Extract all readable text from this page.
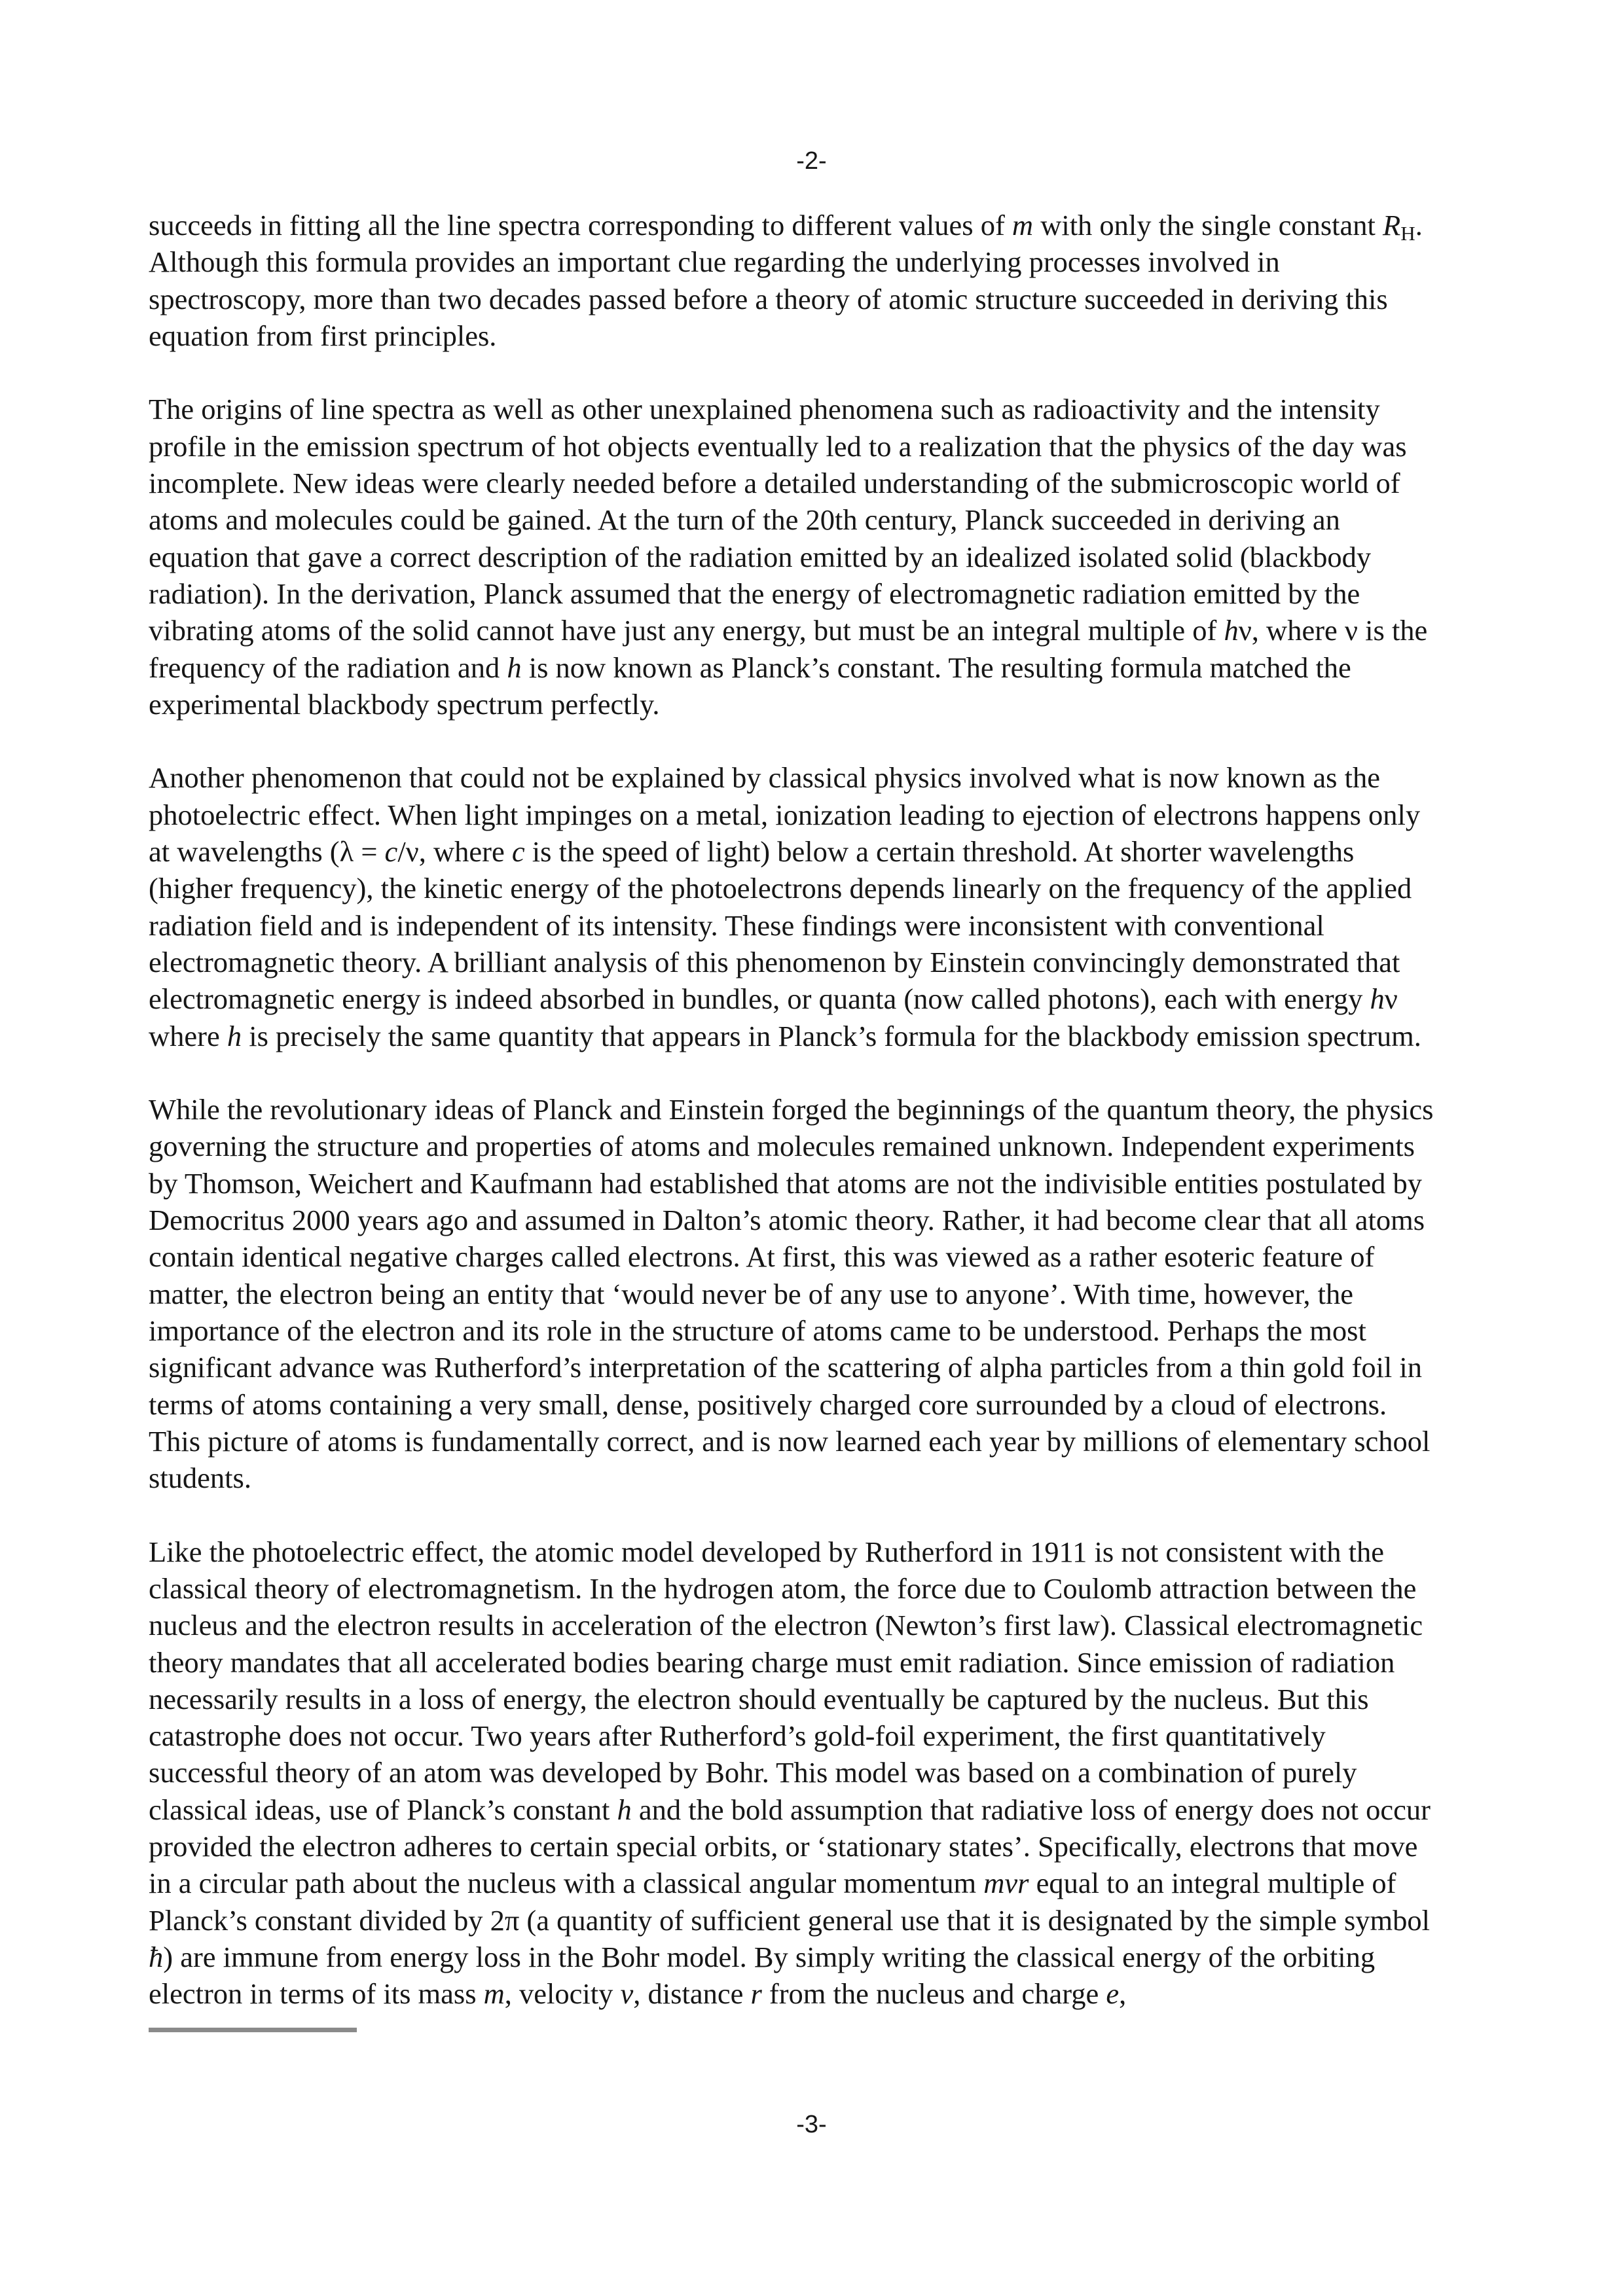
-2-
succeeds in fitting all the line spectra corresponding to different values of m with only the single constant $R_H$.
Although this formula provides an important clue regarding the underlying processes involved in
spectroscopy, more than two decades passed before a theory of atomic structure succeeded in deriving this
equation from first principles.
The origins of line spectra as well as other unexplained phenomena such as radioactivity and the intensity
profile in the emission spectrum of hot objects eventually led to a realization that the physics of the day was
incomplete. New ideas were clearly needed before a detailed understanding of the submicroscopic world of
atoms and molecules could be gained. At the turn of the 20th century, Planck succeeded in deriving an
equation that gave a correct description of the radiation emitted by an idealized isolated solid (blackbody
radiation). In the derivation, Planck assumed that the energy of electromagnetic radiation emitted by the
vibrating atoms of the solid cannot have just any energy, but must be an integral multiple of hν, where ν is the
frequency of the radiation and h is now known as Planck’s constant. The resulting formula matched the
experimental blackbody spectrum perfectly.
Another phenomenon that could not be explained by classical physics involved what is now known as the
photoelectric effect. When light impinges on a metal, ionization leading to ejection of electrons happens only
at wavelengths (λ = c/ν, where c is the speed of light) below a certain threshold. At shorter wavelengths
(higher frequency), the kinetic energy of the photoelectrons depends linearly on the frequency of the applied
radiation field and is independent of its intensity. These findings were inconsistent with conventional
electromagnetic theory. A brilliant analysis of this phenomenon by Einstein convincingly demonstrated that
electromagnetic energy is indeed absorbed in bundles, or quanta (now called photons), each with energy hν
where h is precisely the same quantity that appears in Planck’s formula for the blackbody emission spectrum.
While the revolutionary ideas of Planck and Einstein forged the beginnings of the quantum theory, the physics
governing the structure and properties of atoms and molecules remained unknown. Independent experiments
by Thomson, Weichert and Kaufmann had established that atoms are not the indivisible entities postulated by
Democritus 2000 years ago and assumed in Dalton’s atomic theory. Rather, it had become clear that all atoms
contain identical negative charges called electrons. At first, this was viewed as a rather esoteric feature of
matter, the electron being an entity that ‘would never be of any use to anyone’. With time, however, the
importance of the electron and its role in the structure of atoms came to be understood. Perhaps the most
significant advance was Rutherford’s interpretation of the scattering of alpha particles from a thin gold foil in
terms of atoms containing a very small, dense, positively charged core surrounded by a cloud of electrons.
This picture of atoms is fundamentally correct, and is now learned each year by millions of elementary school
students.
Like the photoelectric effect, the atomic model developed by Rutherford in 1911 is not consistent with the
classical theory of electromagnetism. In the hydrogen atom, the force due to Coulomb attraction between the
nucleus and the electron results in acceleration of the electron (Newton’s first law). Classical electromagnetic
theory mandates that all accelerated bodies bearing charge must emit radiation. Since emission of radiation
necessarily results in a loss of energy, the electron should eventually be captured by the nucleus. But this
catastrophe does not occur. Two years after Rutherford’s gold-foil experiment, the first quantitatively
successful theory of an atom was developed by Bohr. This model was based on a combination of purely
classical ideas, use of Planck’s constant h and the bold assumption that radiative loss of energy does not occur
provided the electron adheres to certain special orbits, or ‘stationary states’. Specifically, electrons that move
in a circular path about the nucleus with a classical angular momentum mvr equal to an integral multiple of
Planck’s constant divided by 2π (a quantity of sufficient general use that it is designated by the simple symbol
ħ) are immune from energy loss in the Bohr model. By simply writing the classical energy of the orbiting
electron in terms of its mass m, velocity v, distance r from the nucleus and charge e,
-3-
